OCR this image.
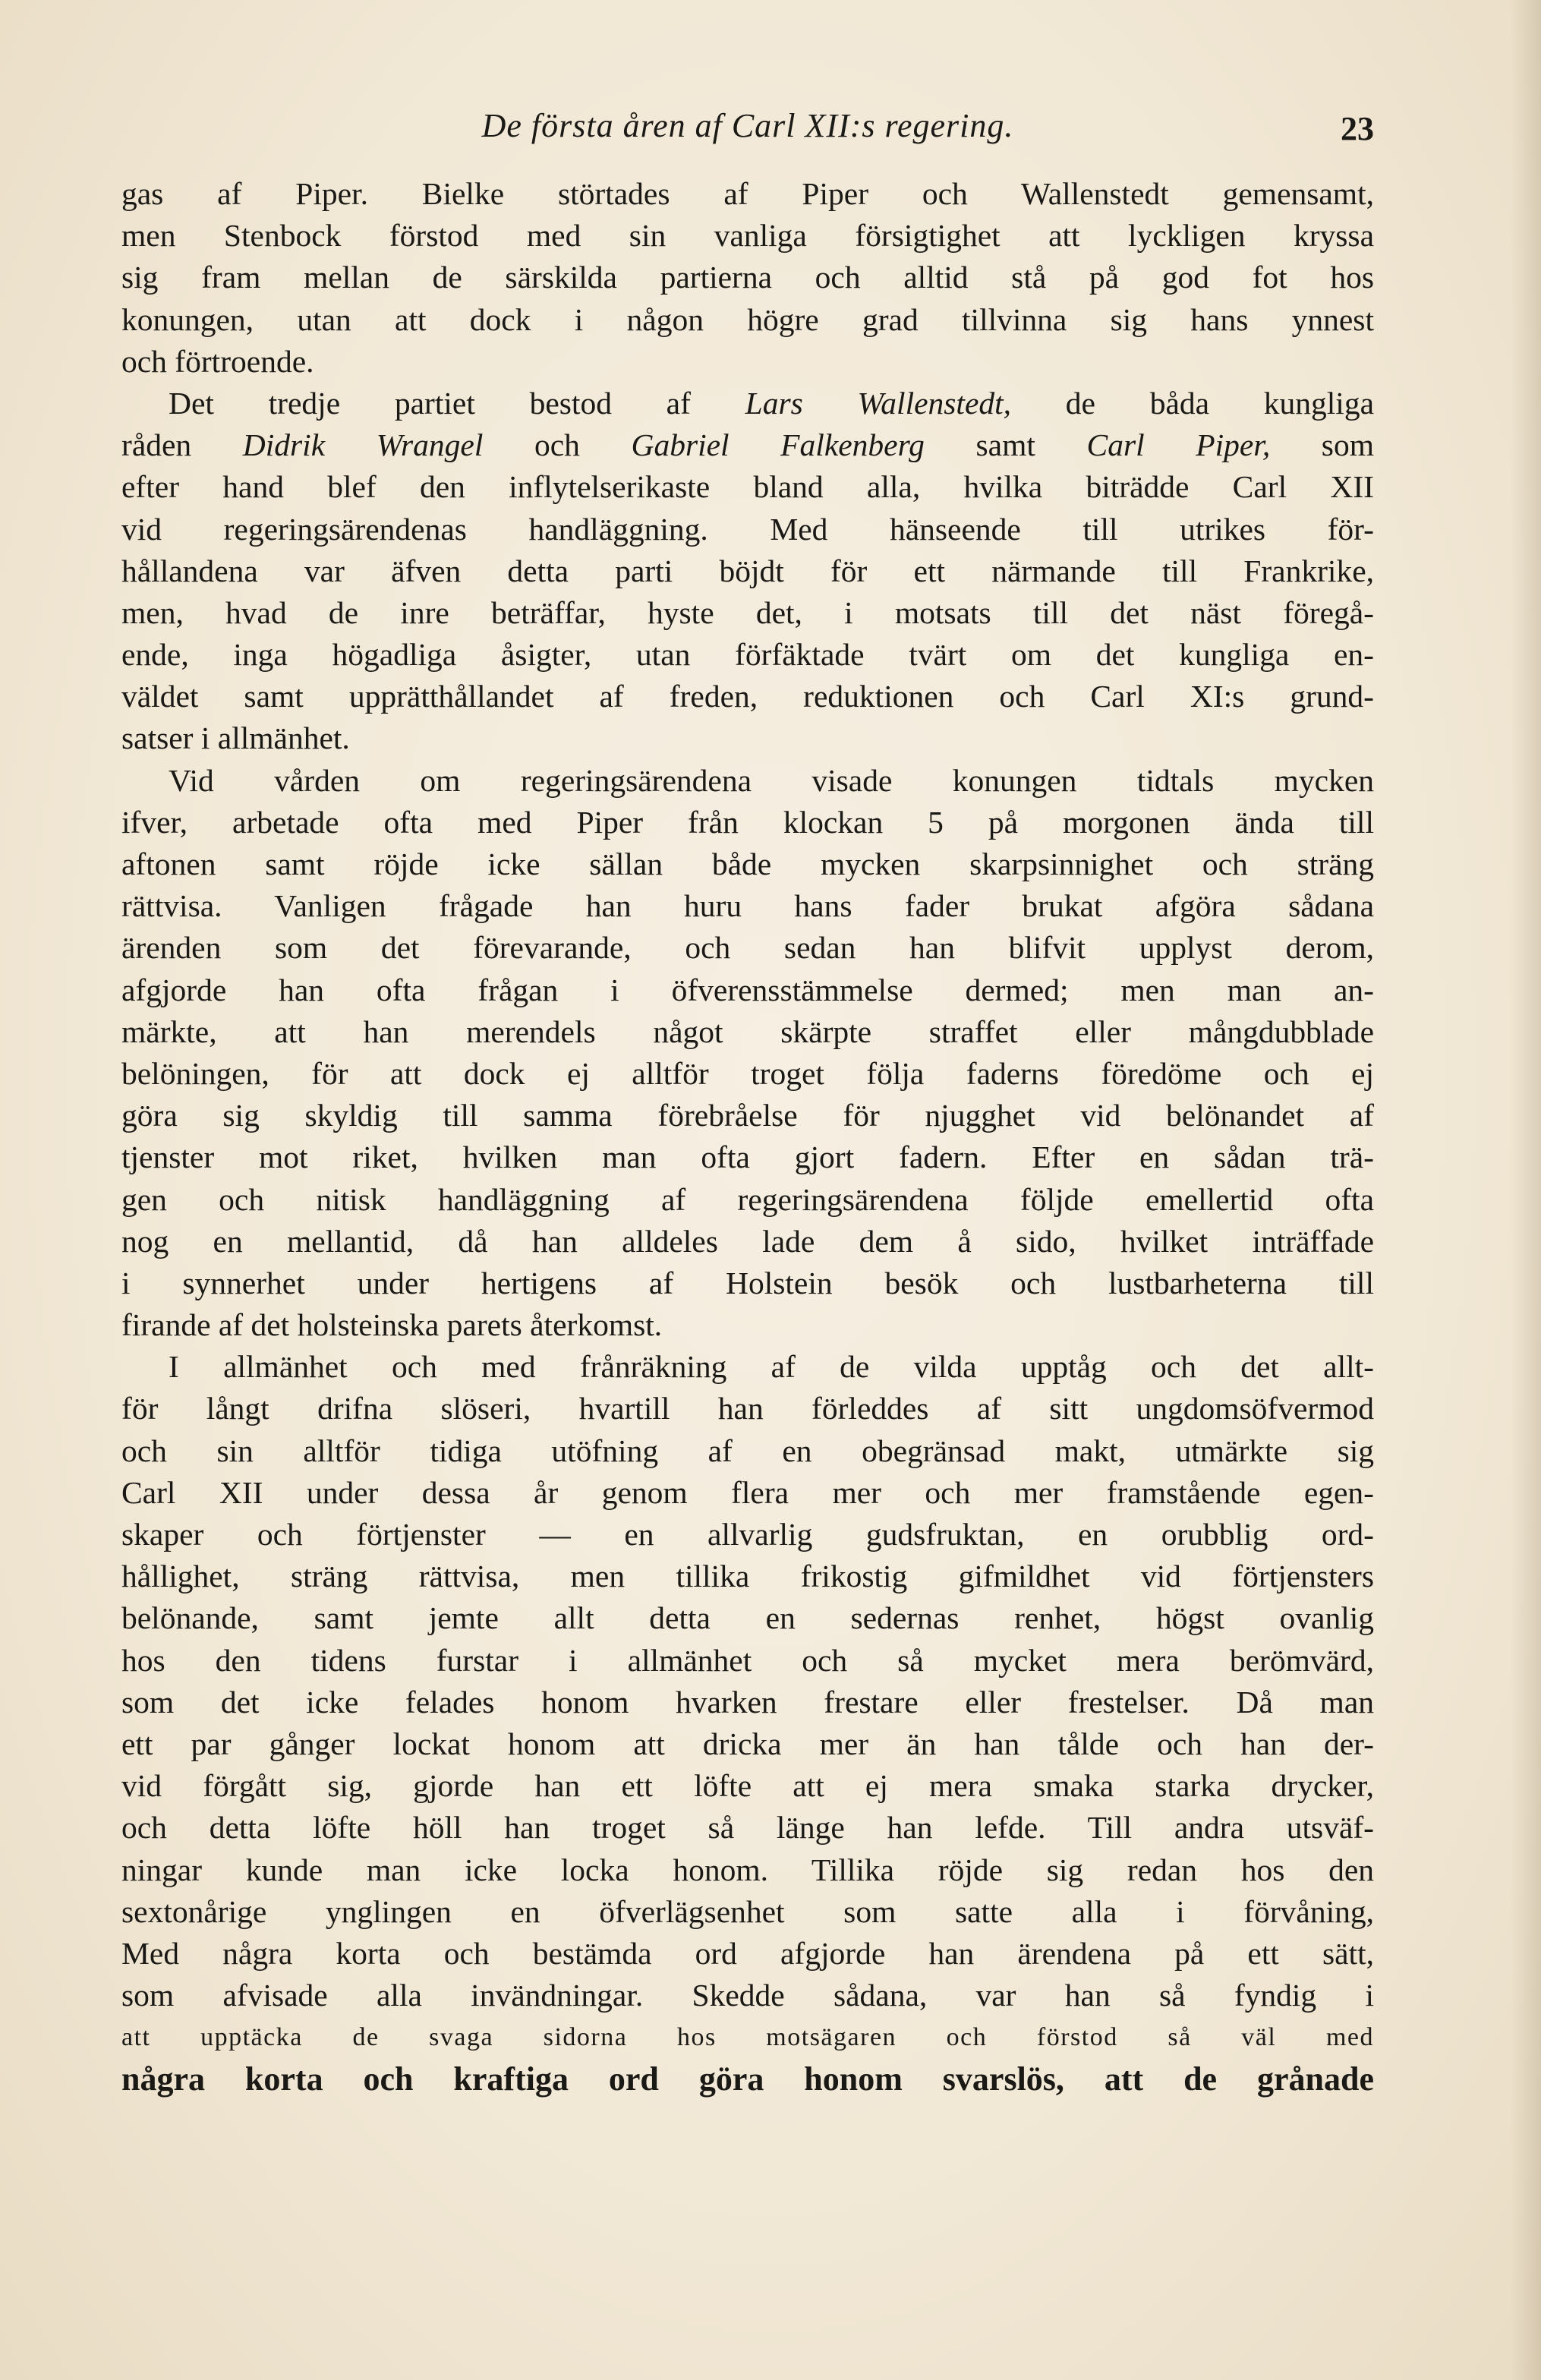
De första åren af Carl XII:s regering.	23
gas af Piper. Bielke störtades af Piper och Wallenstedt gemensamt,
men Stenbock förstod med sin vanliga försigtighet att lyckligen kryssa
sig fram mellan de särskilda partierna och alltid stå på god fot hos
konungen, utan att dock i någon högre grad tillvinna sig hans ynnest
och förtroende.
Det tredje partiet bestod af Lars Wallenstedt, de båda kungliga
råden Didrik Wrangel och Gabriel Falkenberg samt Carl Piper, som
efter hand blef den inflytelserikaste bland alla, hvilka biträdde Carl XII
vid regeringsärendenas handläggning. Med hänseende till utrikes för-
hållandena var äfven detta parti böjdt för ett närmande till Frankrike,
men, hvad de inre beträffar, hyste det, i motsats till det näst föregå-
ende, inga högadliga åsigter, utan förfäktade tvärt om det kungliga en-
väldet samt upprätthållandet af freden, reduktionen och Carl XI:s grund-
satser i allmänhet.
Vid vården om regeringsärendena visade konungen tidtals mycken
ifver, arbetade ofta med Piper från klockan 5 på morgonen ända till
aftonen samt röjde icke sällan både mycken skarpsinnighet och sträng
rättvisa. Vanligen frågade han huru hans fader brukat afgöra sådana
ärenden som det förevarande, och sedan han blifvit upplyst derom,
afgjorde han ofta frågan i öfverensstämmelse dermed; men man an-
märkte, att han merendels något skärpte straffet eller mångdubblade
belöningen, för att dock ej alltför troget följa faderns föredöme och ej
göra sig skyldig till samma förebråelse för njugghet vid belönandet af
tjenster mot riket, hvilken man ofta gjort fadern. Efter en sådan trä-
gen och nitisk handläggning af regeringsärendena följde emellertid ofta
nog en mellantid, då han alldeles lade dem å sido, hvilket inträffade
i synnerhet under hertigens af Holstein besök och lustbarheterna till
firande af det holsteinska parets återkomst.
I allmänhet och med frånräkning af de vilda upptåg och det allt-
för långt drifna slöseri, hvartill han förleddes af sitt ungdomsöfvermod
och sin alltför tidiga utöfning af en obegränsad makt, utmärkte sig
Carl XII under dessa år genom flera mer och mer framstående egen-
skaper och förtjenster — en allvarlig gudsfruktan, en orubblig ord-
hållighet, sträng rättvisa, men tillika frikostig gifmildhet vid förtjensters
belönande, samt jemte allt detta en sedernas renhet, högst ovanlig
hos den tidens furstar i allmänhet och så mycket mera berömvärd,
som det icke felades honom hvarken frestare eller frestelser. Då man
ett par gånger lockat honom att dricka mer än han tålde och han der-
vid förgått sig, gjorde han ett löfte att ej mera smaka starka drycker,
och detta löfte höll han troget så länge han lefde. Till andra utsväf-
ningar kunde man icke locka honom. Tillika röjde sig redan hos den
sextonårige ynglingen en öfverlägsenhet som satte alla i förvåning,
Med några korta och bestämda ord afgjorde han ärendena på ett sätt,
som afvisade alla invändningar. Skedde sådana, var han så fyndig i
att upptäcka de svaga sidorna hos motsägaren och förstod så väl med
några korta och kraftiga ord göra honom svarslös, att de grånade
